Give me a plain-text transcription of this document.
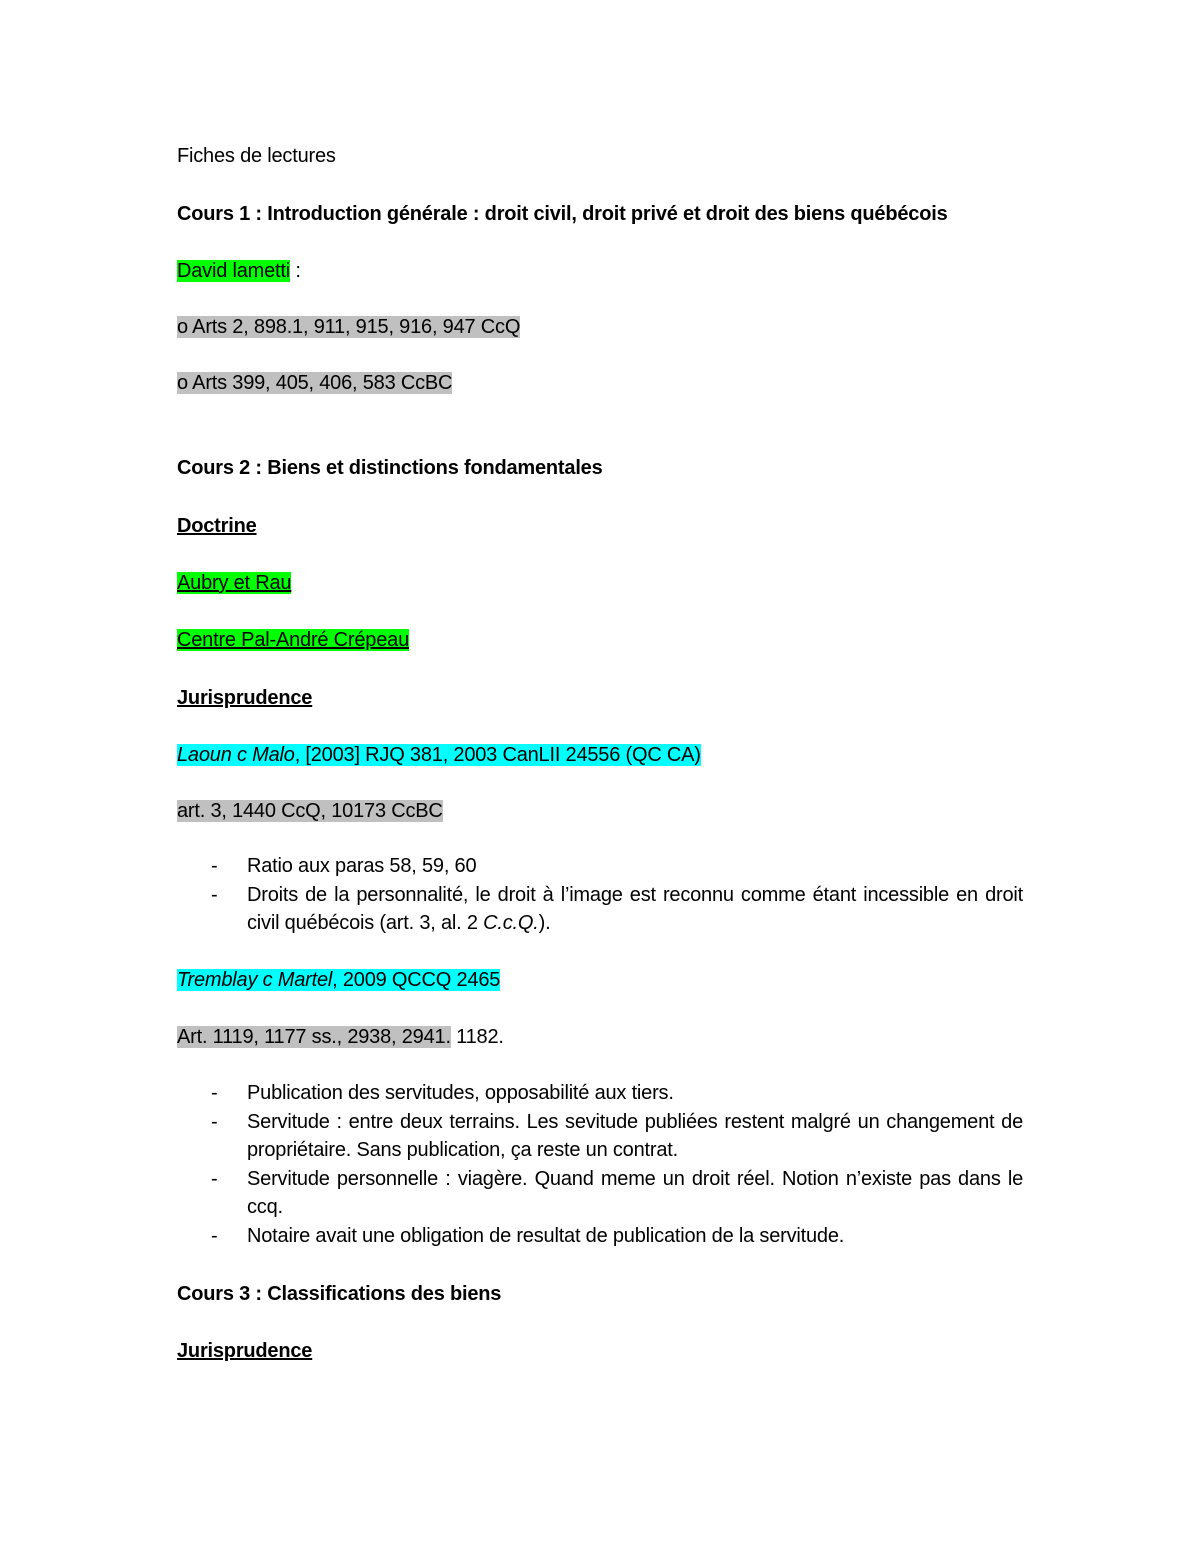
Fiches de lectures
Cours 1 : Introduction générale : droit civil, droit privé et droit des biens québécois
David lametti :
o Arts 2, 898.1, 911, 915, 916, 947 CcQ
o Arts 399, 405, 406, 583 CcBC
Cours 2 : Biens et distinctions fondamentales
Doctrine
Aubry et Rau
Centre Pal-André Crépeau
Jurisprudence
Laoun c Malo, [2003] RJQ 381, 2003 CanLII 24556 (QC CA)
art. 3, 1440 CcQ, 10173 CcBC
- Ratio aux paras 58, 59, 60
- Droits de la personnalité, le droit à l’image est reconnu comme étant incessible en droit civil québécois (art. 3, al. 2 C.c.Q.).
Tremblay c Martel, 2009 QCCQ 2465
Art. 1119, 1177 ss., 2938, 2941. 1182.
- Publication des servitudes, opposabilité aux tiers.
- Servitude : entre deux terrains. Les sevitude publiées restent malgré un changement de propriétaire. Sans publication, ça reste un contrat.
- Servitude personnelle : viagère. Quand meme un droit réel. Notion n’existe pas dans le ccq.
- Notaire avait une obligation de resultat de publication de la servitude.
Cours 3 : Classifications des biens
Jurisprudence
